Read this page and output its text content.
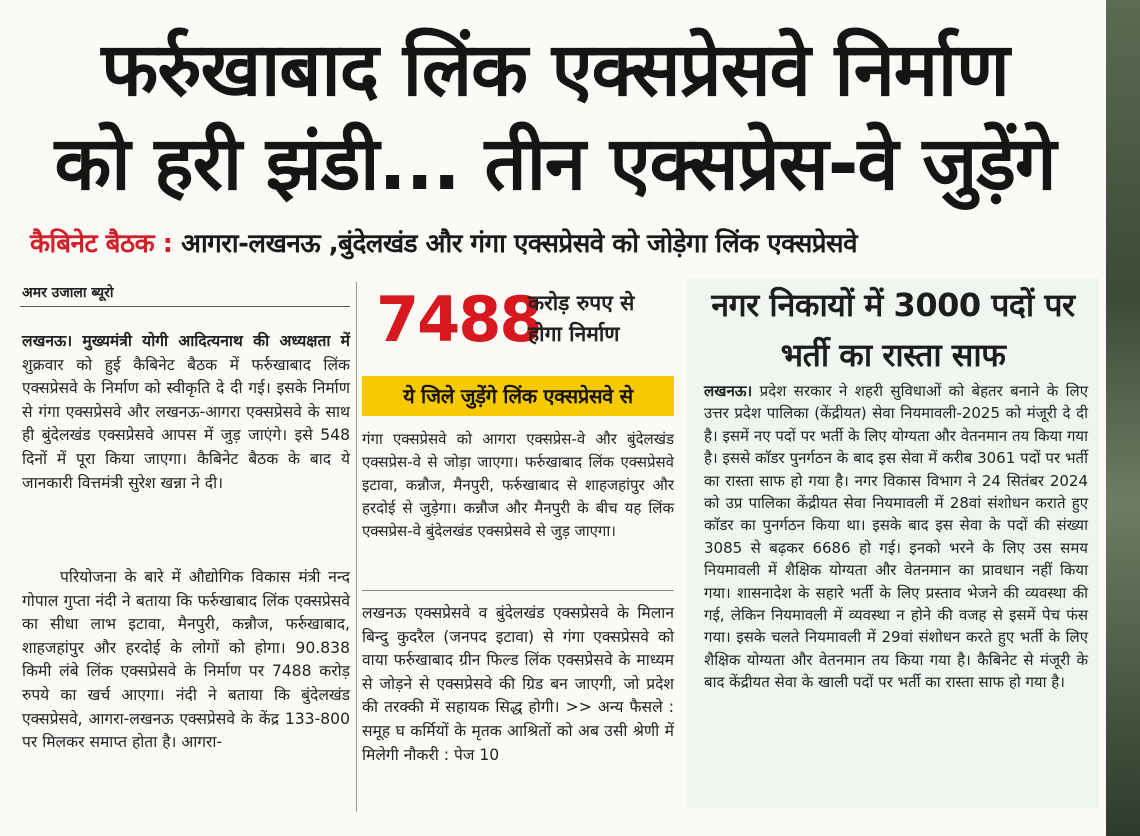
फर्रुखाबाद लिंक एक्सप्रेसवे निर्माण
को हरी झंडी... तीन एक्सप्रेस-वे जुड़ेंगे
कैबिनेट बैठक : आगरा-लखनऊ ,बुंदेलखंड और गंगा एक्सप्रेसवे को जोड़ेगा लिंक एक्सप्रेसवे
अमर उजाला ब्यूरो
लखनऊ। मुख्यमंत्री योगी आदित्यनाथ की अध्यक्षता में शुक्रवार को हुई कैबिनेट बैठक में फर्रुखाबाद लिंक एक्सप्रेसवे के निर्माण को स्वीकृति दे दी गई। इसके निर्माण से गंगा एक्सप्रेसवे और लखनऊ-आगरा एक्सप्रेसवे के साथ ही बुंदेलखंड एक्सप्रेसवे आपस में जुड़ जाएंगे। इसे 548 दिनों में पूरा किया जाएगा। कैबिनेट बैठक के बाद ये जानकारी वित्तमंत्री सुरेश खन्ना ने दी।
परियोजना के बारे में औद्योगिक विकास मंत्री नन्द गोपाल गुप्ता नंदी ने बताया कि फर्रुखाबाद लिंक एक्सप्रेसवे का सीधा लाभ इटावा, मैनपुरी, कन्नौज, फर्रुखाबाद, शाहजहांपुर और हरदोई के लोगों को होगा। 90.838 किमी लंबे लिंक एक्सप्रेसवे के निर्माण पर 7488 करोड़ रुपये का खर्च आएगा। नंदी ने बताया कि बुंदेलखंड एक्सप्रेसवे, आगरा-लखनऊ एक्सप्रेसवे के केंद्र 133-800 पर मिलकर समाप्त होता है। आगरा-
7488
करोड़ रुपए से
होगा निर्माण
ये जिले जुड़ेंगे लिंक एक्सप्रेसवे से
गंगा एक्सप्रेसवे को आगरा एक्सप्रेस-वे और बुंदेलखंड एक्सप्रेस-वे से जोड़ा जाएगा। फर्रुखाबाद लिंक एक्सप्रेसवे इटावा, कन्नौज, मैनपुरी, फर्रुखाबाद से शाहजहांपुर और हरदोई से जुड़ेगा। कन्नौज और मैनपुरी के बीच यह लिंक एक्सप्रेस-वे बुंदेलखंड एक्सप्रेसवे से जुड़ जाएगा।
लखनऊ एक्सप्रेसवे व बुंदेलखंड एक्सप्रेसवे के मिलान बिन्दु कुदरैल (जनपद इटावा) से गंगा एक्सप्रेसवे को वाया फर्रुखाबाद ग्रीन फिल्ड लिंक एक्सप्रेसवे के माध्यम से जोड़ने से एक्सप्रेसवे की ग्रिड बन जाएगी, जो प्रदेश की तरक्की में सहायक सिद्ध होगी। >> अन्य फैसले : समूह घ कर्मियों के मृतक आश्रितों को अब उसी श्रेणी में मिलेगी नौकरी : पेज 10
नगर निकायों में 3000 पदों पर भर्ती का रास्ता साफ
लखनऊ। प्रदेश सरकार ने शहरी सुविधाओं को बेहतर बनाने के लिए उत्तर प्रदेश पालिका (केंद्रीयत) सेवा नियमावली-2025 को मंजूरी दे दी है। इसमें नए पदों पर भर्ती के लिए योग्यता और वेतनमान तय किया गया है। इससे काॅडर पुनर्गठन के बाद इस सेवा में करीब 3061 पदों पर भर्ती का रास्ता साफ हो गया है। नगर विकास विभाग ने 24 सितंबर 2024 को उप्र पालिका केंद्रीयत सेवा नियमावली में 28वां संशोधन कराते हुए काॅडर का पुनर्गठन किया था। इसके बाद इस सेवा के पदों की संख्या 3085 से बढ़कर 6686 हो गई। इनको भरने के लिए उस समय नियमावली में शैक्षिक योग्यता और वेतनमान का प्रावधान नहीं किया गया। शासनादेश के सहारे भर्ती के लिए प्रस्ताव भेजने की व्यवस्था की गई, लेकिन नियमावली में व्यवस्था न होने की वजह से इसमें पेच फंस गया। इसके चलते नियमावली में 29वां संशोधन करते हुए भर्ती के लिए शैक्षिक योग्यता और वेतनमान तय किया गया है। कैबिनेट से मंजूरी के बाद केंद्रीयत सेवा के खाली पदों पर भर्ती का रास्ता साफ हो गया है।
